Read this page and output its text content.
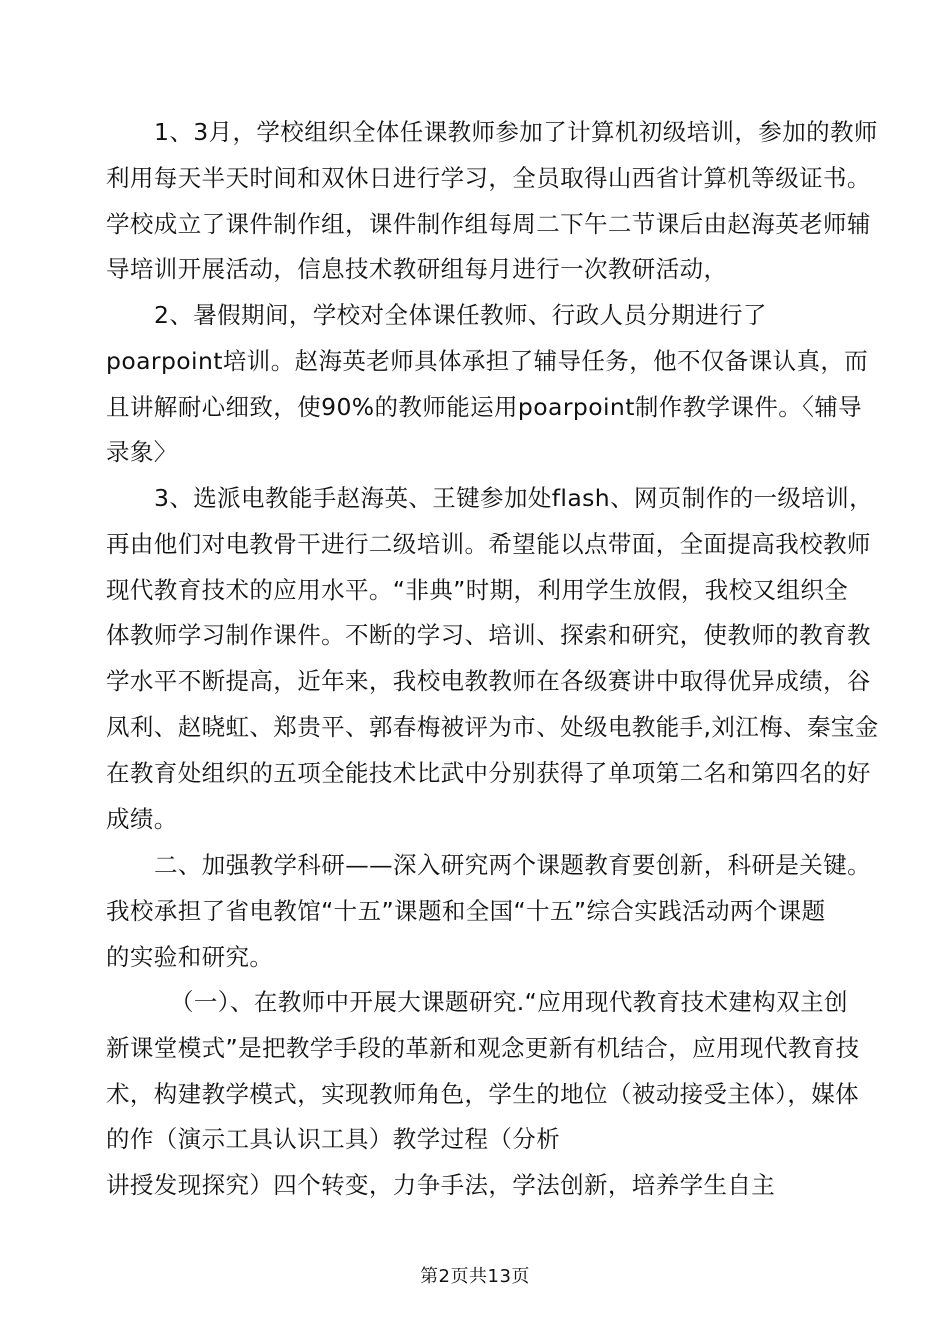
1、3月，学校组织全体任课教师参加了计算机初级培训，参加的教师
利用每天半天时间和双休日进行学习，全员取得山西省计算机等级证书。
学校成立了课件制作组，课件制作组每周二下午二节课后由赵海英老师辅
导培训开展活动，信息技术教研组每月进行一次教研活动，
2、暑假期间，学校对全体课任教师、行政人员分期进行了
poarpoint培训。赵海英老师具体承担了辅导任务，他不仅备课认真，而
且讲解耐心细致，使90%的教师能运用poarpoint制作教学课件。〈辅导
录象〉
3、选派电教能手赵海英、王键参加处flash、网页制作的一级培训，
再由他们对电教骨干进行二级培训。希望能以点带面，全面提高我校教师
现代教育技术的应用水平。“非典”时期，利用学生放假，我校又组织全
体教师学习制作课件。不断的学习、培训、探索和研究，使教师的教育教
学水平不断提高，近年来，我校电教教师在各级赛讲中取得优异成绩，谷
凤利、赵晓虹、郑贵平、郭春梅被评为市、处级电教能手,刘江梅、秦宝金
在教育处组织的五项全能技术比武中分别获得了单项第二名和第四名的好
成绩。
二、加强教学科研——深入研究两个课题教育要创新，科研是关键。
我校承担了省电教馆“十五”课题和全国“十五”综合实践活动两个课题
的实验和研究。
（一）、在教师中开展大课题研究.“应用现代教育技术建构双主创
新课堂模式”是把教学手段的革新和观念更新有机结合，应用现代教育技
术，构建教学模式，实现教师角色，学生的地位（被动接受主体），媒体
的作（演示工具认识工具）教学过程（分析
讲授发现探究）四个转变，力争手法，学法创新，培养学生自主
第2页共13页
